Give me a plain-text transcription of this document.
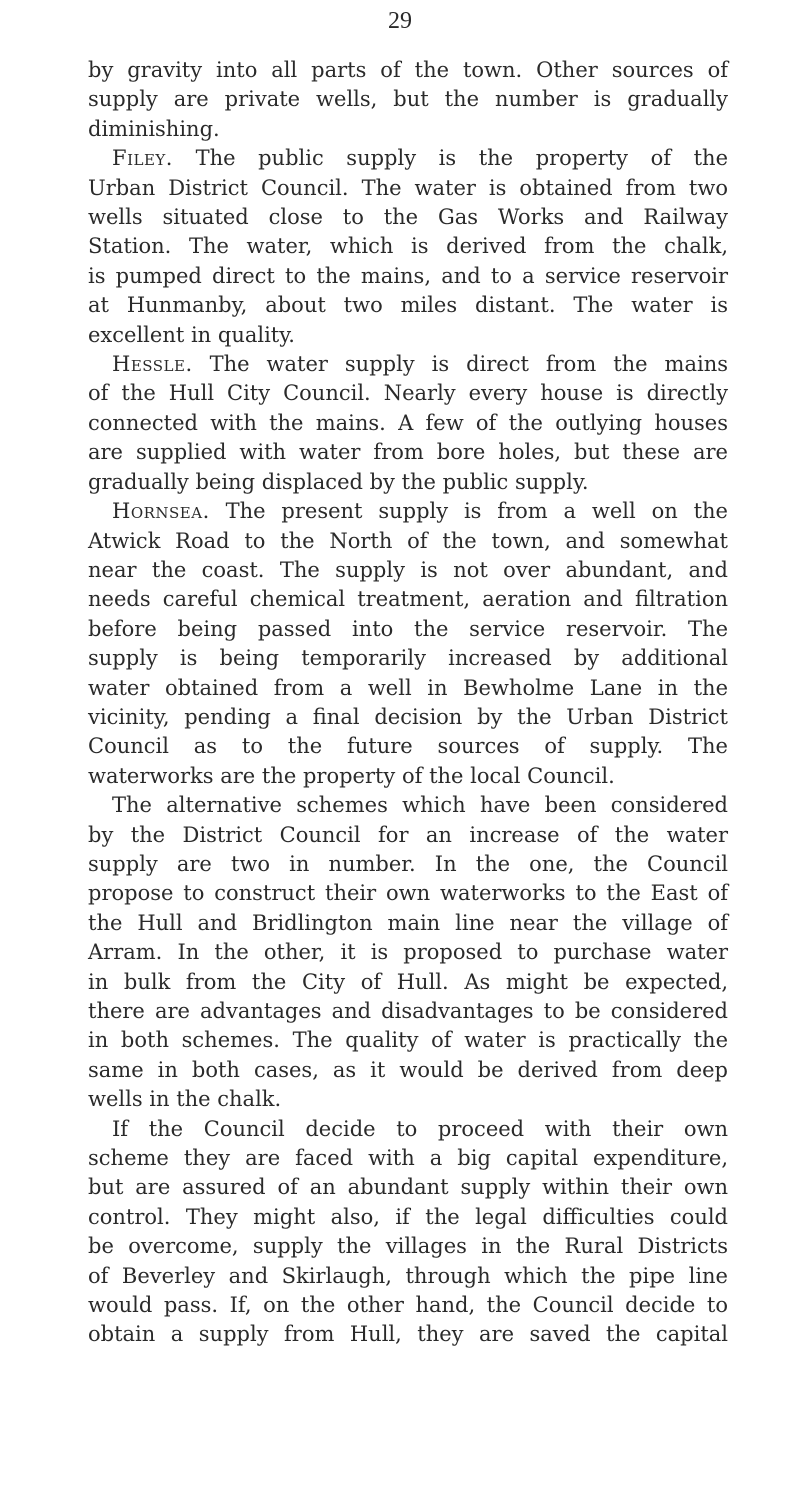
29
by gravity into all parts of the town. Other sources of
supply are private wells, but the number is gradually
diminishing.
Filey. The public supply is the property of the
Urban District Council. The water is obtained from two
wells situated close to the Gas Works and Railway
Station. The water, which is derived from the chalk,
is pumped direct to the mains, and to a service reservoir
at Hunmanby, about two miles distant. The water is
excellent in quality.
Hessle. The water supply is direct from the mains
of the Hull City Council. Nearly every house is directly
connected with the mains. A few of the outlying houses
are supplied with water from bore holes, but these are
gradually being displaced by the public supply.
Hornsea. The present supply is from a well on the
Atwick Road to the North of the town, and somewhat
near the coast. The supply is not over abundant, and
needs careful chemical treatment, aeration and filtration
before being passed into the service reservoir. The
supply is being temporarily increased by additional
water obtained from a well in Bewholme Lane in the
vicinity, pending a final decision by the Urban District
Council as to the future sources of supply. The
waterworks are the property of the local Council.
The alternative schemes which have been considered
by the District Council for an increase of the water
supply are two in number. In the one, the Council
propose to construct their own waterworks to the East of
the Hull and Bridlington main line near the village of
Arram. In the other, it is proposed to purchase water
in bulk from the City of Hull. As might be expected,
there are advantages and disadvantages to be considered
in both schemes. The quality of water is practically the
same in both cases, as it would be derived from deep
wells in the chalk.
If the Council decide to proceed with their own
scheme they are faced with a big capital expenditure,
but are assured of an abundant supply within their own
control. They might also, if the legal difficulties could
be overcome, supply the villages in the Rural Districts
of Beverley and Skirlaugh, through which the pipe line
would pass. If, on the other hand, the Council decide to
obtain a supply from Hull, they are saved the capital
